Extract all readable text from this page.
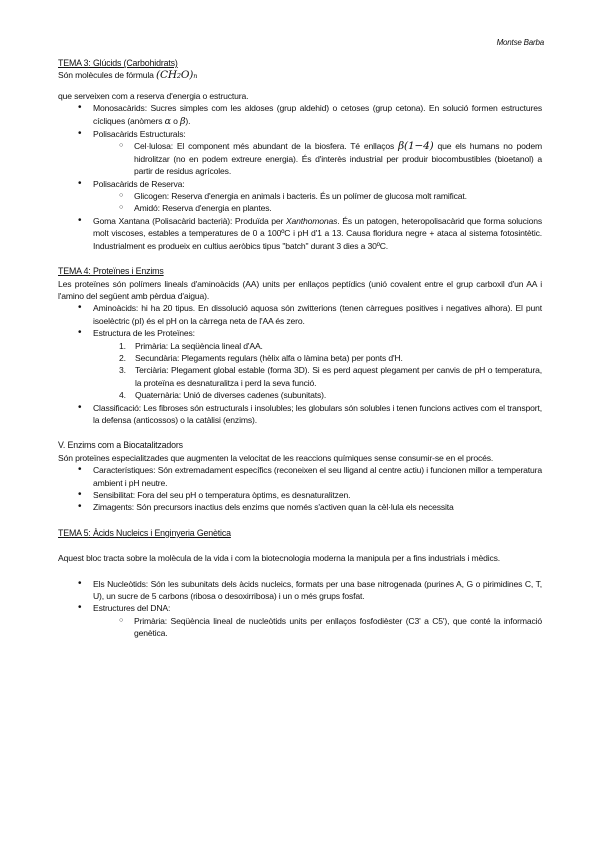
Montse Barba

TEMA 3: Glúcids (Carbohidrats)

Són molècules de fórmula (CH2O)n

que serveixen com a reserva d'energia o estructura.

• Monosacàrids: Sucres simples com les aldoses (grup aldehid) o cetoses (grup cetona). En solució formen estructures cícliques (anòmers α o β).
• Polisacàrids Estructurals:
○ Cel·lulosa: El component més abundant de la biosfera. Té enllaços β(1−4) que els humans no podem hidrolitzar (no en podem extreure energia). És d'interès industrial per produir biocombustibles (bioetanol) a partir de residus agrícoles.
• Polisacàrids de Reserva:
○ Glicogen: Reserva d'energia en animals i bacteris. És un polímer de glucosa molt ramificat.
○ Amidó: Reserva d'energia en plantes.
• Goma Xantana (Polisacàrid bacterià): Produïda per Xanthomonas. És un patogen, heteropolisacàrid que forma solucions molt viscoses, estables a temperatures de 0 a 100ºC i pH d'1 a 13. Causa floridura negre + ataca al sistema fotosintètic. Industrialment es produeix en cultius aeròbics tipus "batch" durant 3 dies a 30ºC.

TEMA 4: Proteïnes i Enzims

Les proteïnes són polímers lineals d'aminoàcids (AA) units per enllaços peptídics (unió covalent entre el grup carboxil d'un AA i l'amino del següent amb pèrdua d'aigua).

• Aminoàcids: hi ha 20 tipus. En dissolució aquosa són zwitterions (tenen càrregues positives i negatives alhora). El punt isoelèctric (pI) és el pH on la càrrega neta de l'AA és zero.
• Estructura de les Proteïnes:
1. Primària: La seqüència lineal d'AA.
2. Secundària: Plegaments regulars (hèlix alfa o làmina beta) per ponts d'H.
3. Terciària: Plegament global estable (forma 3D). Si es perd aquest plegament per canvis de pH o temperatura, la proteïna es desnaturalitza i perd la seva funció.
4. Quaternària: Unió de diverses cadenes (subunitats).
• Classificació: Les fibroses són estructurals i insolubles; les globulars són solubles i tenen funcions actives com el transport, la defensa (anticossos) o la catàlisi (enzims).

V. Enzims com a Biocatalitzadors

Són proteïnes especialitzades que augmenten la velocitat de les reaccions químiques sense consumir-se en el procés.

• Característiques: Són extremadament específics (reconeixen el seu lligand al centre actiu) i funcionen millor a temperatura ambient i pH neutre.
• Sensibilitat: Fora del seu pH o temperatura òptims, es desnaturalitzen.
• Zimagents: Són precursors inactius dels enzims que només s'activen quan la cèl·lula els necessita

TEMA 5: Àcids Nucleics i Enginyeria Genètica

Aquest bloc tracta sobre la molècula de la vida i com la biotecnologia moderna la manipula per a fins industrials i mèdics.

• Els Nucleòtids: Són les subunitats dels àcids nucleics, formats per una base nitrogenada (purines A, G o pirimidines C, T, U), un sucre de 5 carbons (ribosa o desoxirribosa) i un o més grups fosfat.
• Estructures del DNA:
○ Primària: Seqüència lineal de nucleòtids units per enllaços fosfodièster (C3' a C5'), que conté la informació genètica.
